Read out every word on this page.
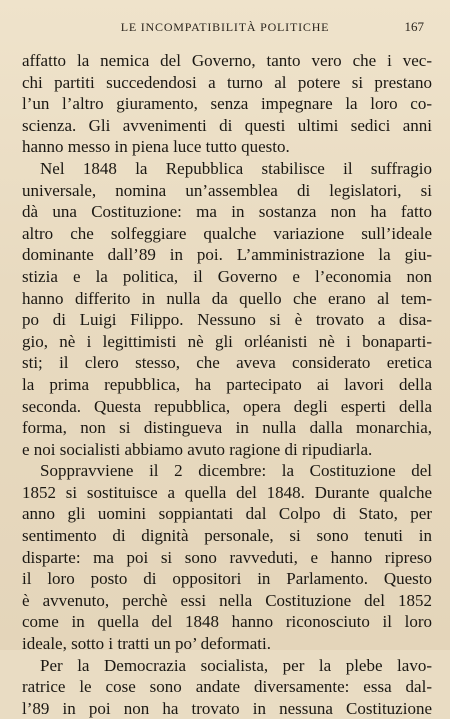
LE INCOMPATIBILITÀ POLITICHE	167
affatto la nemica del Governo, tanto vero che i vec-
chi partiti succedendosi a turno al potere si prestano
l’un l’altro giuramento, senza impegnare la loro co-
scienza. Gli avvenimenti di questi ultimi sedici anni
hanno messo in piena luce tutto questo.
Nel 1848 la Repubblica stabilisce il suffragio
universale, nomina un’assemblea di legislatori, si
dà una Costituzione: ma in sostanza non ha fatto
altro che solfeggiare qualche variazione sull’ideale
dominante dall’89 in poi. L’amministrazione la giu-
stizia e la politica, il Governo e l’economia non
hanno differito in nulla da quello che erano al tem-
po di Luigi Filippo. Nessuno si è trovato a disa-
gio, nè i legittimisti nè gli orléanisti nè i bonaparti-
sti; il clero stesso, che aveva considerato eretica
la prima repubblica, ha partecipato ai lavori della
seconda. Questa repubblica, opera degli esperti della
forma, non si distingueva in nulla dalla monarchia,
e noi socialisti abbiamo avuto ragione di ripudiarla.
Soppravviene il 2 dicembre: la Costituzione del
1852 si sostituisce a quella del 1848. Durante qualche
anno gli uomini soppiantati dal Colpo di Stato, per
sentimento di dignità personale, si sono tenuti in
disparte: ma poi si sono ravveduti, e hanno ripreso
il loro posto di oppositori in Parlamento. Questo
è avvenuto, perchè essi nella Costituzione del 1852
come in quella del 1848 hanno riconosciuto il loro
ideale, sotto i tratti un po’ deformati.
Per la Democrazia socialista, per la plebe lavo-
ratrice le cose sono andate diversamente: essa dal-
l’89 in poi non ha trovato in nessuna Costituzione
